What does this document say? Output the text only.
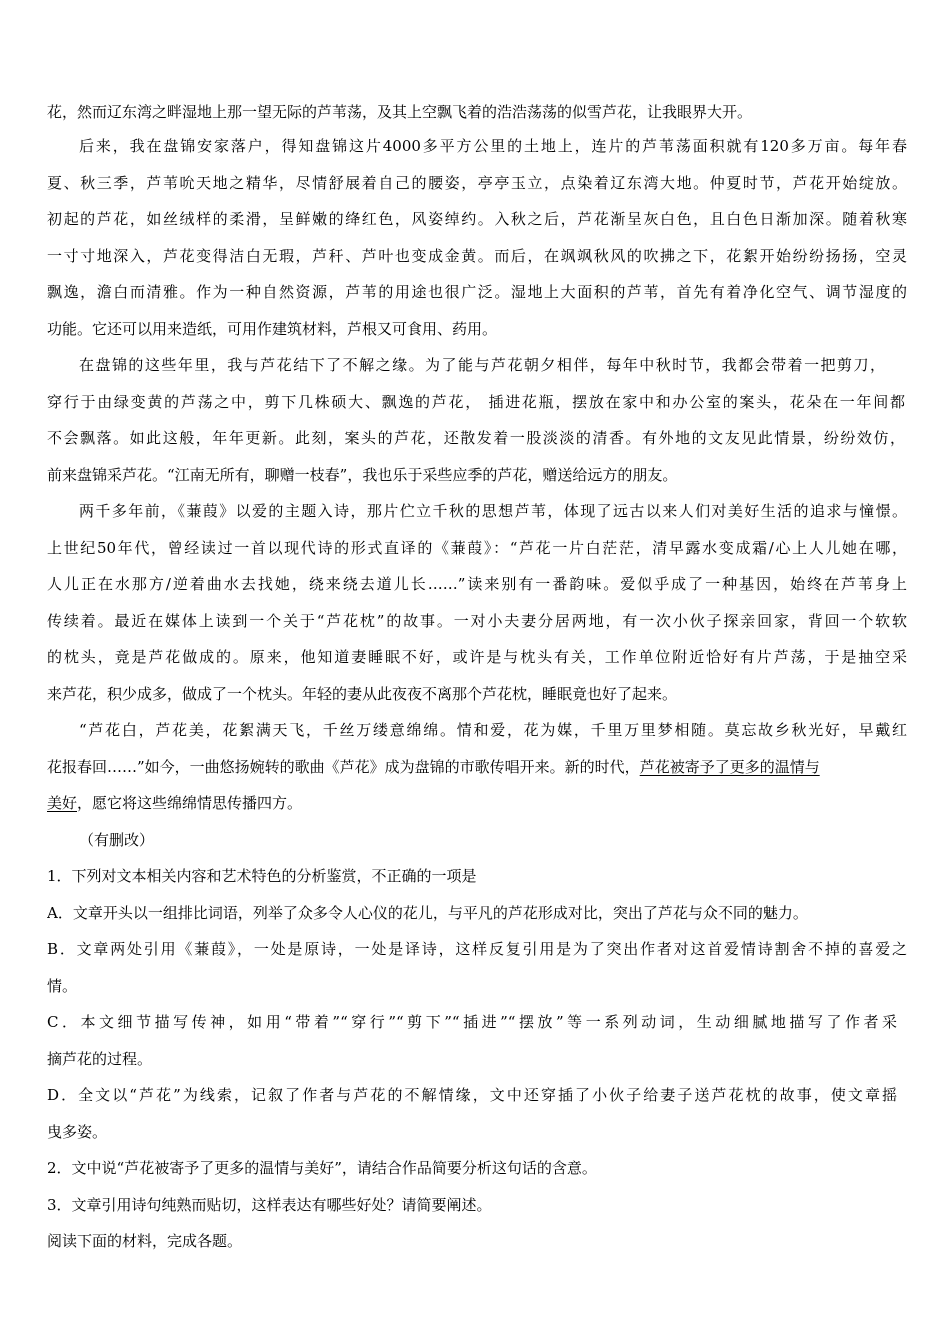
花，然而辽东湾之畔湿地上那一望无际的芦苇荡，及其上空飘飞着的浩浩荡荡的似雪芦花，让我眼界大开。
后来，我在盘锦安家落户，得知盘锦这片4000多平方公里的土地上，连片的芦苇荡面积就有120多万亩。每年春
夏、秋三季，芦苇吮天地之精华，尽情舒展着自己的腰姿，亭亭玉立，点染着辽东湾大地。仲夏时节，芦花开始绽放。
初起的芦花，如丝绒样的柔滑，呈鲜嫩的绛红色，风姿绰约。入秋之后，芦花渐呈灰白色，且白色日渐加深。随着秋寒
一寸寸地深入，芦花变得洁白无瑕，芦秆、芦叶也变成金黄。而后，在飒飒秋风的吹拂之下，花絮开始纷纷扬扬，空灵
飘逸，澹白而清雅。作为一种自然资源，芦苇的用途也很广泛。湿地上大面积的芦苇，首先有着净化空气、调节湿度的
功能。它还可以用来造纸，可用作建筑材料，芦根又可食用、药用。
在盘锦的这些年里，我与芦花结下了不解之缘。为了能与芦花朝夕相伴，每年中秋时节，我都会带着一把剪刀，
穿行于由绿变黄的芦荡之中，剪下几株硕大、飘逸的芦花， 插进花瓶，摆放在家中和办公室的案头，花朵在一年间都
不会飘落。如此这般，年年更新。此刻，案头的芦花，还散发着一股淡淡的清香。有外地的文友见此情景，纷纷效仿，
前来盘锦采芦花。“江南无所有，聊赠一枝春”，我也乐于采些应季的芦花，赠送给远方的朋友。
两千多年前，《蒹葭》以爱的主题入诗，那片伫立千秋的思想芦苇，体现了远古以来人们对美好生活的追求与憧憬。
上世纪50年代，曾经读过一首以现代诗的形式直译的《蒹葭》：“芦花一片白茫茫，清早露水变成霜/心上人儿她在哪，
人儿正在水那方/逆着曲水去找她，绕来绕去道儿长……”读来别有一番韵味。爱似乎成了一种基因，始终在芦苇身上
传续着。最近在媒体上读到一个关于“芦花枕”的故事。一对小夫妻分居两地，有一次小伙子探亲回家，背回一个软软
的枕头，竟是芦花做成的。原来，他知道妻睡眠不好，或许是与枕头有关，工作单位附近恰好有片芦荡，于是抽空采
来芦花，积少成多，做成了一个枕头。年轻的妻从此夜夜不离那个芦花枕，睡眠竟也好了起来。
“芦花白，芦花美，花絮满天飞，千丝万缕意绵绵。情和爱，花为媒，千里万里梦相随。莫忘故乡秋光好，早戴红
花报春回……”如今，一曲悠扬婉转的歌曲《芦花》成为盘锦的市歌传唱开来。新的时代，芦花被寄予了更多的温情与
美好，愿它将这些绵绵情思传播四方。
（有删改）
1．下列对文本相关内容和艺术特色的分析鉴赏，不正确的一项是
A．文章开头以一组排比词语，列举了众多令人心仪的花儿，与平凡的芦花形成对比，突出了芦花与众不同的魅力。
B．文章两处引用《蒹葭》，一处是原诗，一处是译诗，这样反复引用是为了突出作者对这首爱情诗割舍不掉的喜爱之
情。
C．本文细节描写传神，如用“带着”“穿行”“剪下”“插进”“摆放”等一系列动词，生动细腻地描写了作者采
摘芦花的过程。
D．全文以“芦花”为线索，记叙了作者与芦花的不解情缘，文中还穿插了小伙子给妻子送芦花枕的故事，使文章摇
曳多姿。
2．文中说“芦花被寄予了更多的温情与美好”，请结合作品简要分析这句话的含意。
3．文章引用诗句纯熟而贴切，这样表达有哪些好处？请简要阐述。
阅读下面的材料，完成各题。
